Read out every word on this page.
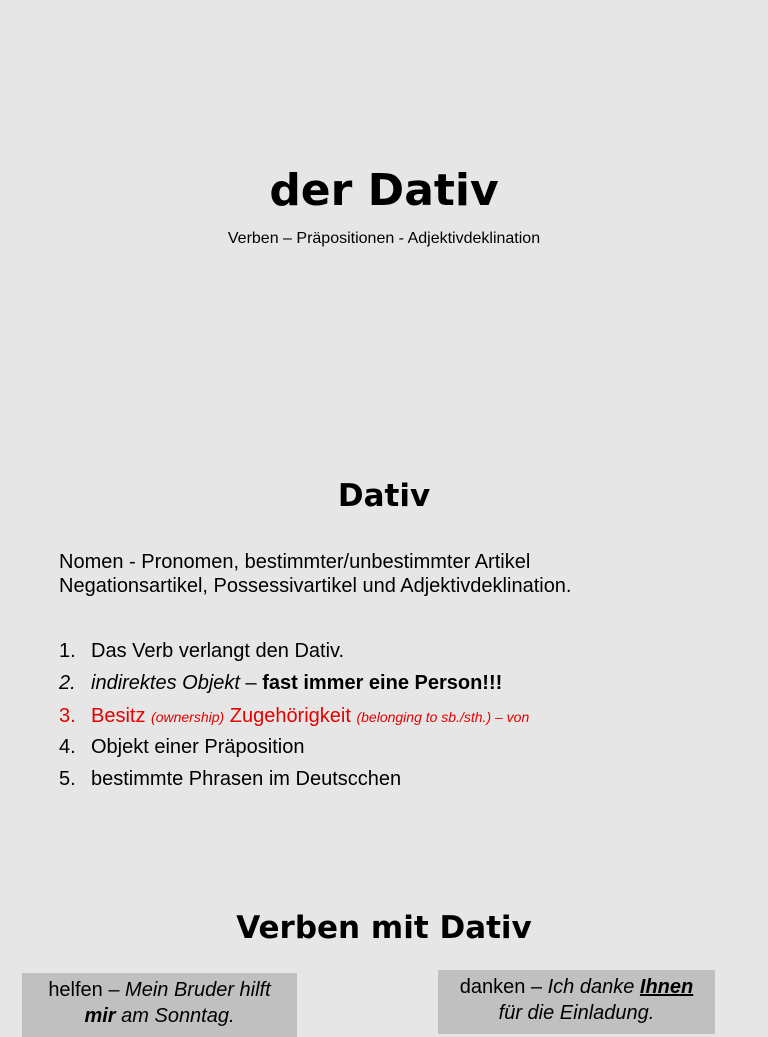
der Dativ
Verben – Präpositionen - Adjektivdeklination
Dativ
Nomen - Pronomen, bestimmter/unbestimmter Artikel
Negationsartikel, Possessivartikel und Adjektivdeklination.
1. Das Verb verlangt den Dativ.
2. indirektes Objekt – fast immer eine Person!!!
3. Besitz (ownership) Zugehörigkeit (belonging to sb./sth.) – von
4. Objekt einer Präposition
5. bestimmte Phrasen im Deutscchen
Verben mit Dativ
helfen – Mein Bruder hilft
mir am Sonntag.
danken – Ich danke Ihnen
für die Einladung.
